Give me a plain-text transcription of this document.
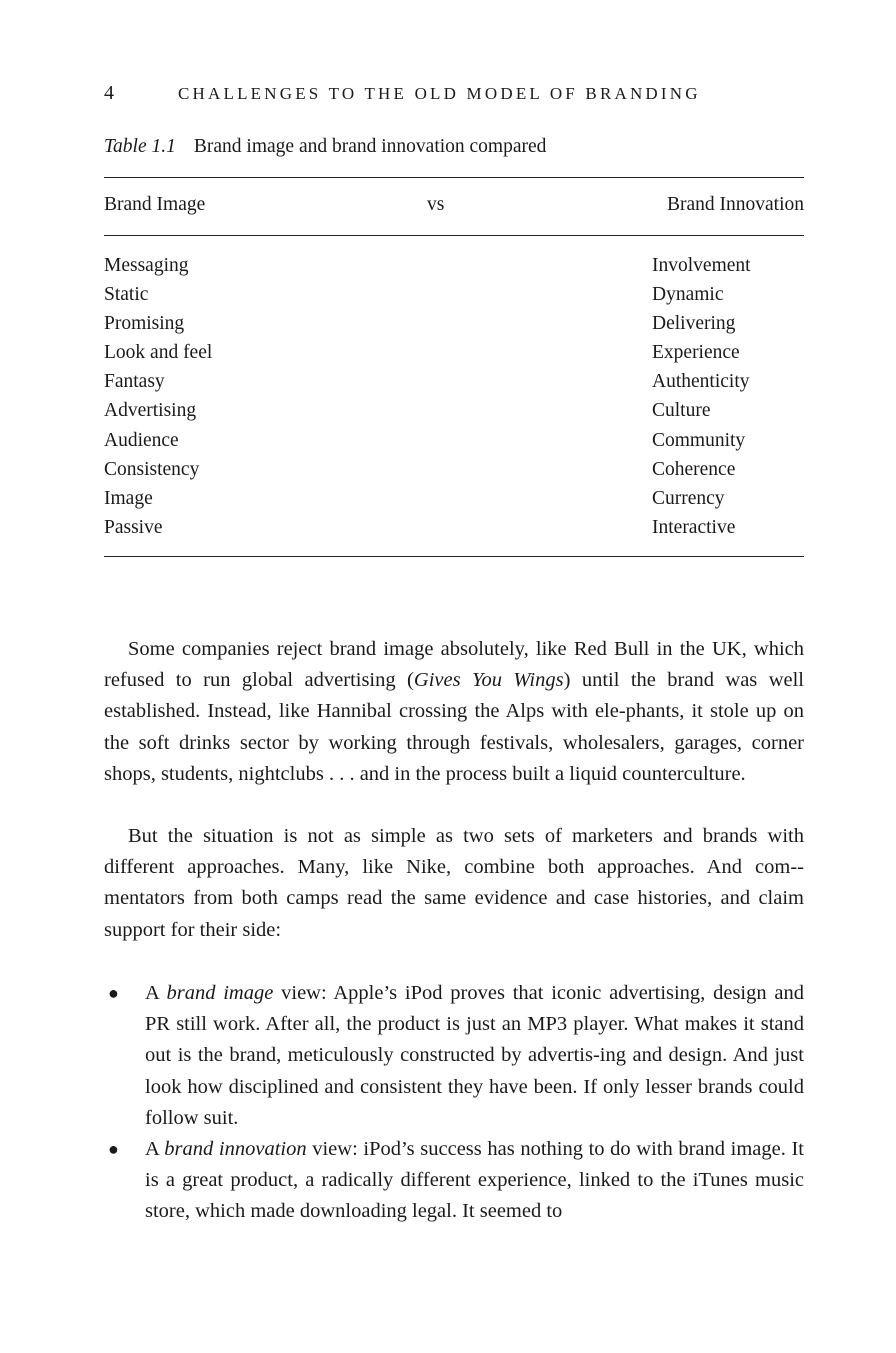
4	CHALLENGES TO THE OLD MODEL OF BRANDING
Table 1.1 Brand image and brand innovation compared
Brand Image	vs	Brand Innovation
Messaging	Involvement
Static	Dynamic
Promising	Delivering
Look and feel	Experience
Fantasy	Authenticity
Advertising	Culture
Audience	Community
Consistency	Coherence
Image	Currency
Passive	Interactive

Some companies reject brand image absolutely, like Red Bull in the UK, which refused to run global advertising (Gives You Wings) until the brand was well established. Instead, like Hannibal crossing the Alps with ele-phants, it stole up on the soft drinks sector by working through festivals, wholesalers, garages, corner shops, students, nightclubs . . . and in the process built a liquid counterculture.

But the situation is not as simple as two sets of marketers and brands with different approaches. Many, like Nike, combine both approaches. And com-mentators from both camps read the same evidence and case histories, and claim support for their side:

● A brand image view: Apple’s iPod proves that iconic advertising, design and PR still work. After all, the product is just an MP3 player. What makes it stand out is the brand, meticulously constructed by advertis-ing and design. And just look how disciplined and consistent they have been. If only lesser brands could follow suit.

● A brand innovation view: iPod’s success has nothing to do with brand image. It is a great product, a radically different experience, linked to the iTunes music store, which made downloading legal. It seemed to
